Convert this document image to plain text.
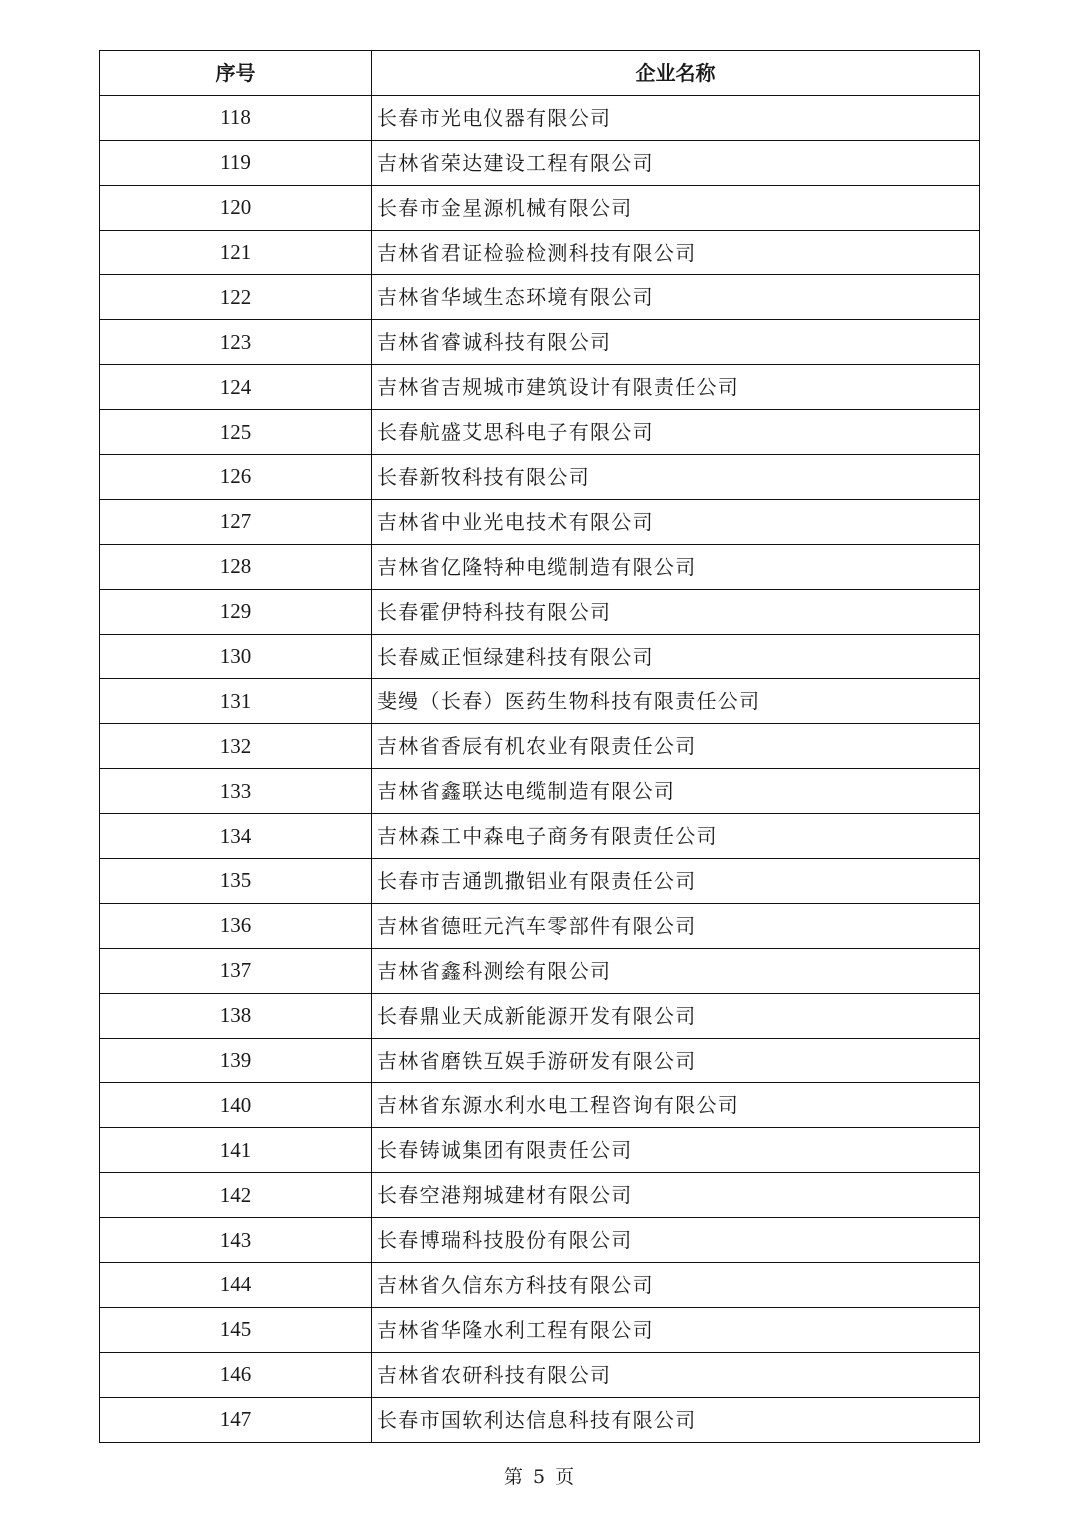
序号	企业名称
118	长春市光电仪器有限公司
119	吉林省荣达建设工程有限公司
120	长春市金星源机械有限公司
121	吉林省君证检验检测科技有限公司
122	吉林省华域生态环境有限公司
123	吉林省睿诚科技有限公司
124	吉林省吉规城市建筑设计有限责任公司
125	长春航盛艾思科电子有限公司
126	长春新牧科技有限公司
127	吉林省中业光电技术有限公司
128	吉林省亿隆特种电缆制造有限公司
129	长春霍伊特科技有限公司
130	长春威正恒绿建科技有限公司
131	斐缦（长春）医药生物科技有限责任公司
132	吉林省香辰有机农业有限责任公司
133	吉林省鑫联达电缆制造有限公司
134	吉林森工中森电子商务有限责任公司
135	长春市吉通凯撒铝业有限责任公司
136	吉林省德旺元汽车零部件有限公司
137	吉林省鑫科测绘有限公司
138	长春鼎业天成新能源开发有限公司
139	吉林省磨铁互娱手游研发有限公司
140	吉林省东源水利水电工程咨询有限公司
141	长春铸诚集团有限责任公司
142	长春空港翔城建材有限公司
143	长春博瑞科技股份有限公司
144	吉林省久信东方科技有限公司
145	吉林省华隆水利工程有限公司
146	吉林省农研科技有限公司
147	长春市国软利达信息科技有限公司
第 5 页
